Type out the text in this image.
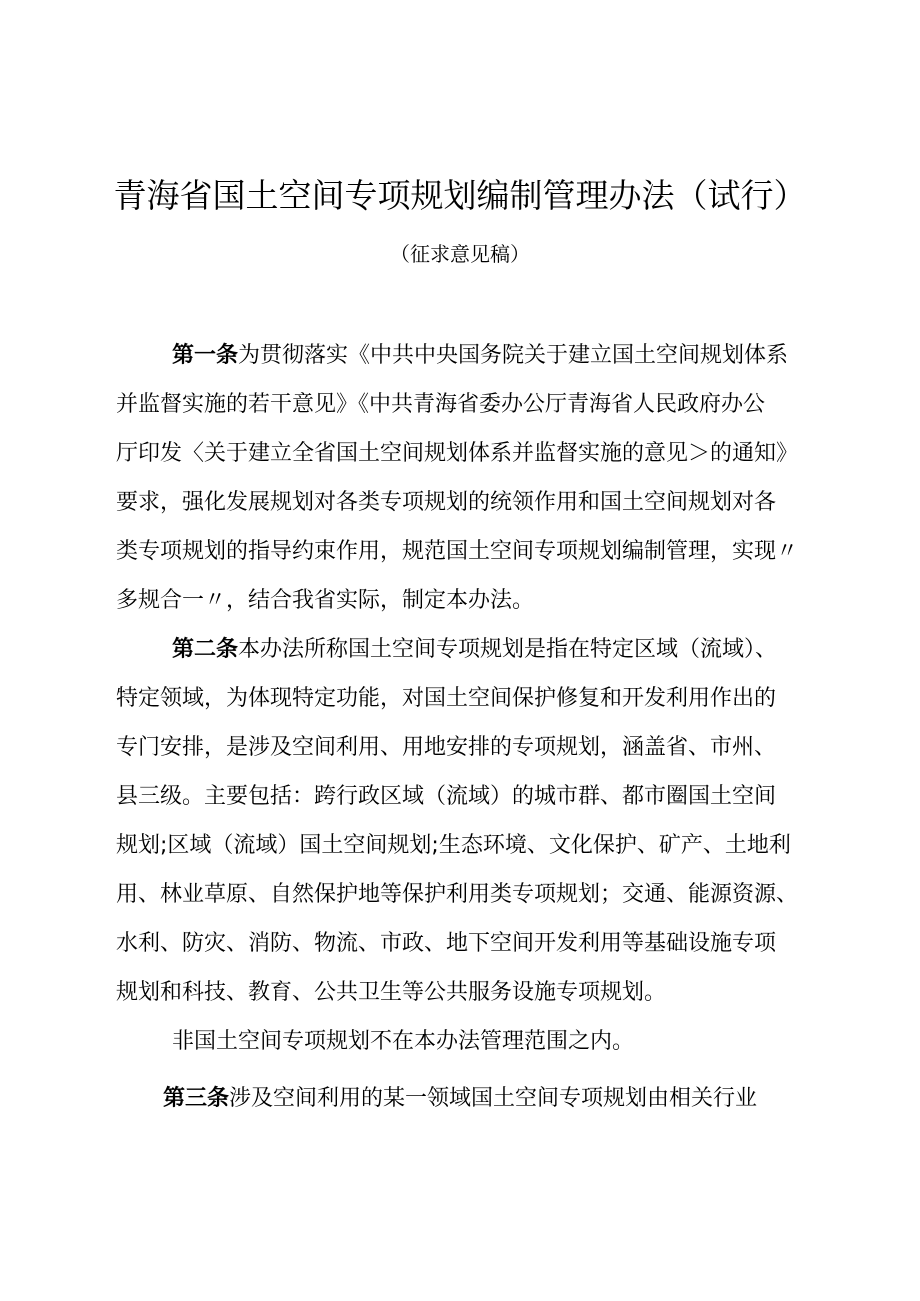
青海省国土空间专项规划编制管理办法（试行）
（征求意见稿）
第一条为贯彻落实《中共中央国务院关于建立国土空间规划体系
并监督实施的若干意见》《中共青海省委办公厅青海省人民政府办公
厅印发〈关于建立全省国土空间规划体系并监督实施的意见＞的通知》
要求，强化发展规划对各类专项规划的统领作用和国土空间规划对各
类专项规划的指导约束作用，规范国土空间专项规划编制管理，实现〃
多规合一〃，结合我省实际，制定本办法。
第二条本办法所称国土空间专项规划是指在特定区域（流域）、
特定领域，为体现特定功能，对国土空间保护修复和开发利用作出的
专门安排，是涉及空间利用、用地安排的专项规划，涵盖省、市州、
县三级。主要包括：跨行政区域（流域）的城市群、都市圈国土空间
规划;区域（流域）国土空间规划;生态环境、文化保护、矿产、土地利
用、林业草原、自然保护地等保护利用类专项规划；交通、能源资源、
水利、防灾、消防、物流、市政、地下空间开发利用等基础设施专项
规划和科技、教育、公共卫生等公共服务设施专项规划。
非国土空间专项规划不在本办法管理范围之内。
第三条涉及空间利用的某一领域国土空间专项规划由相关行业
